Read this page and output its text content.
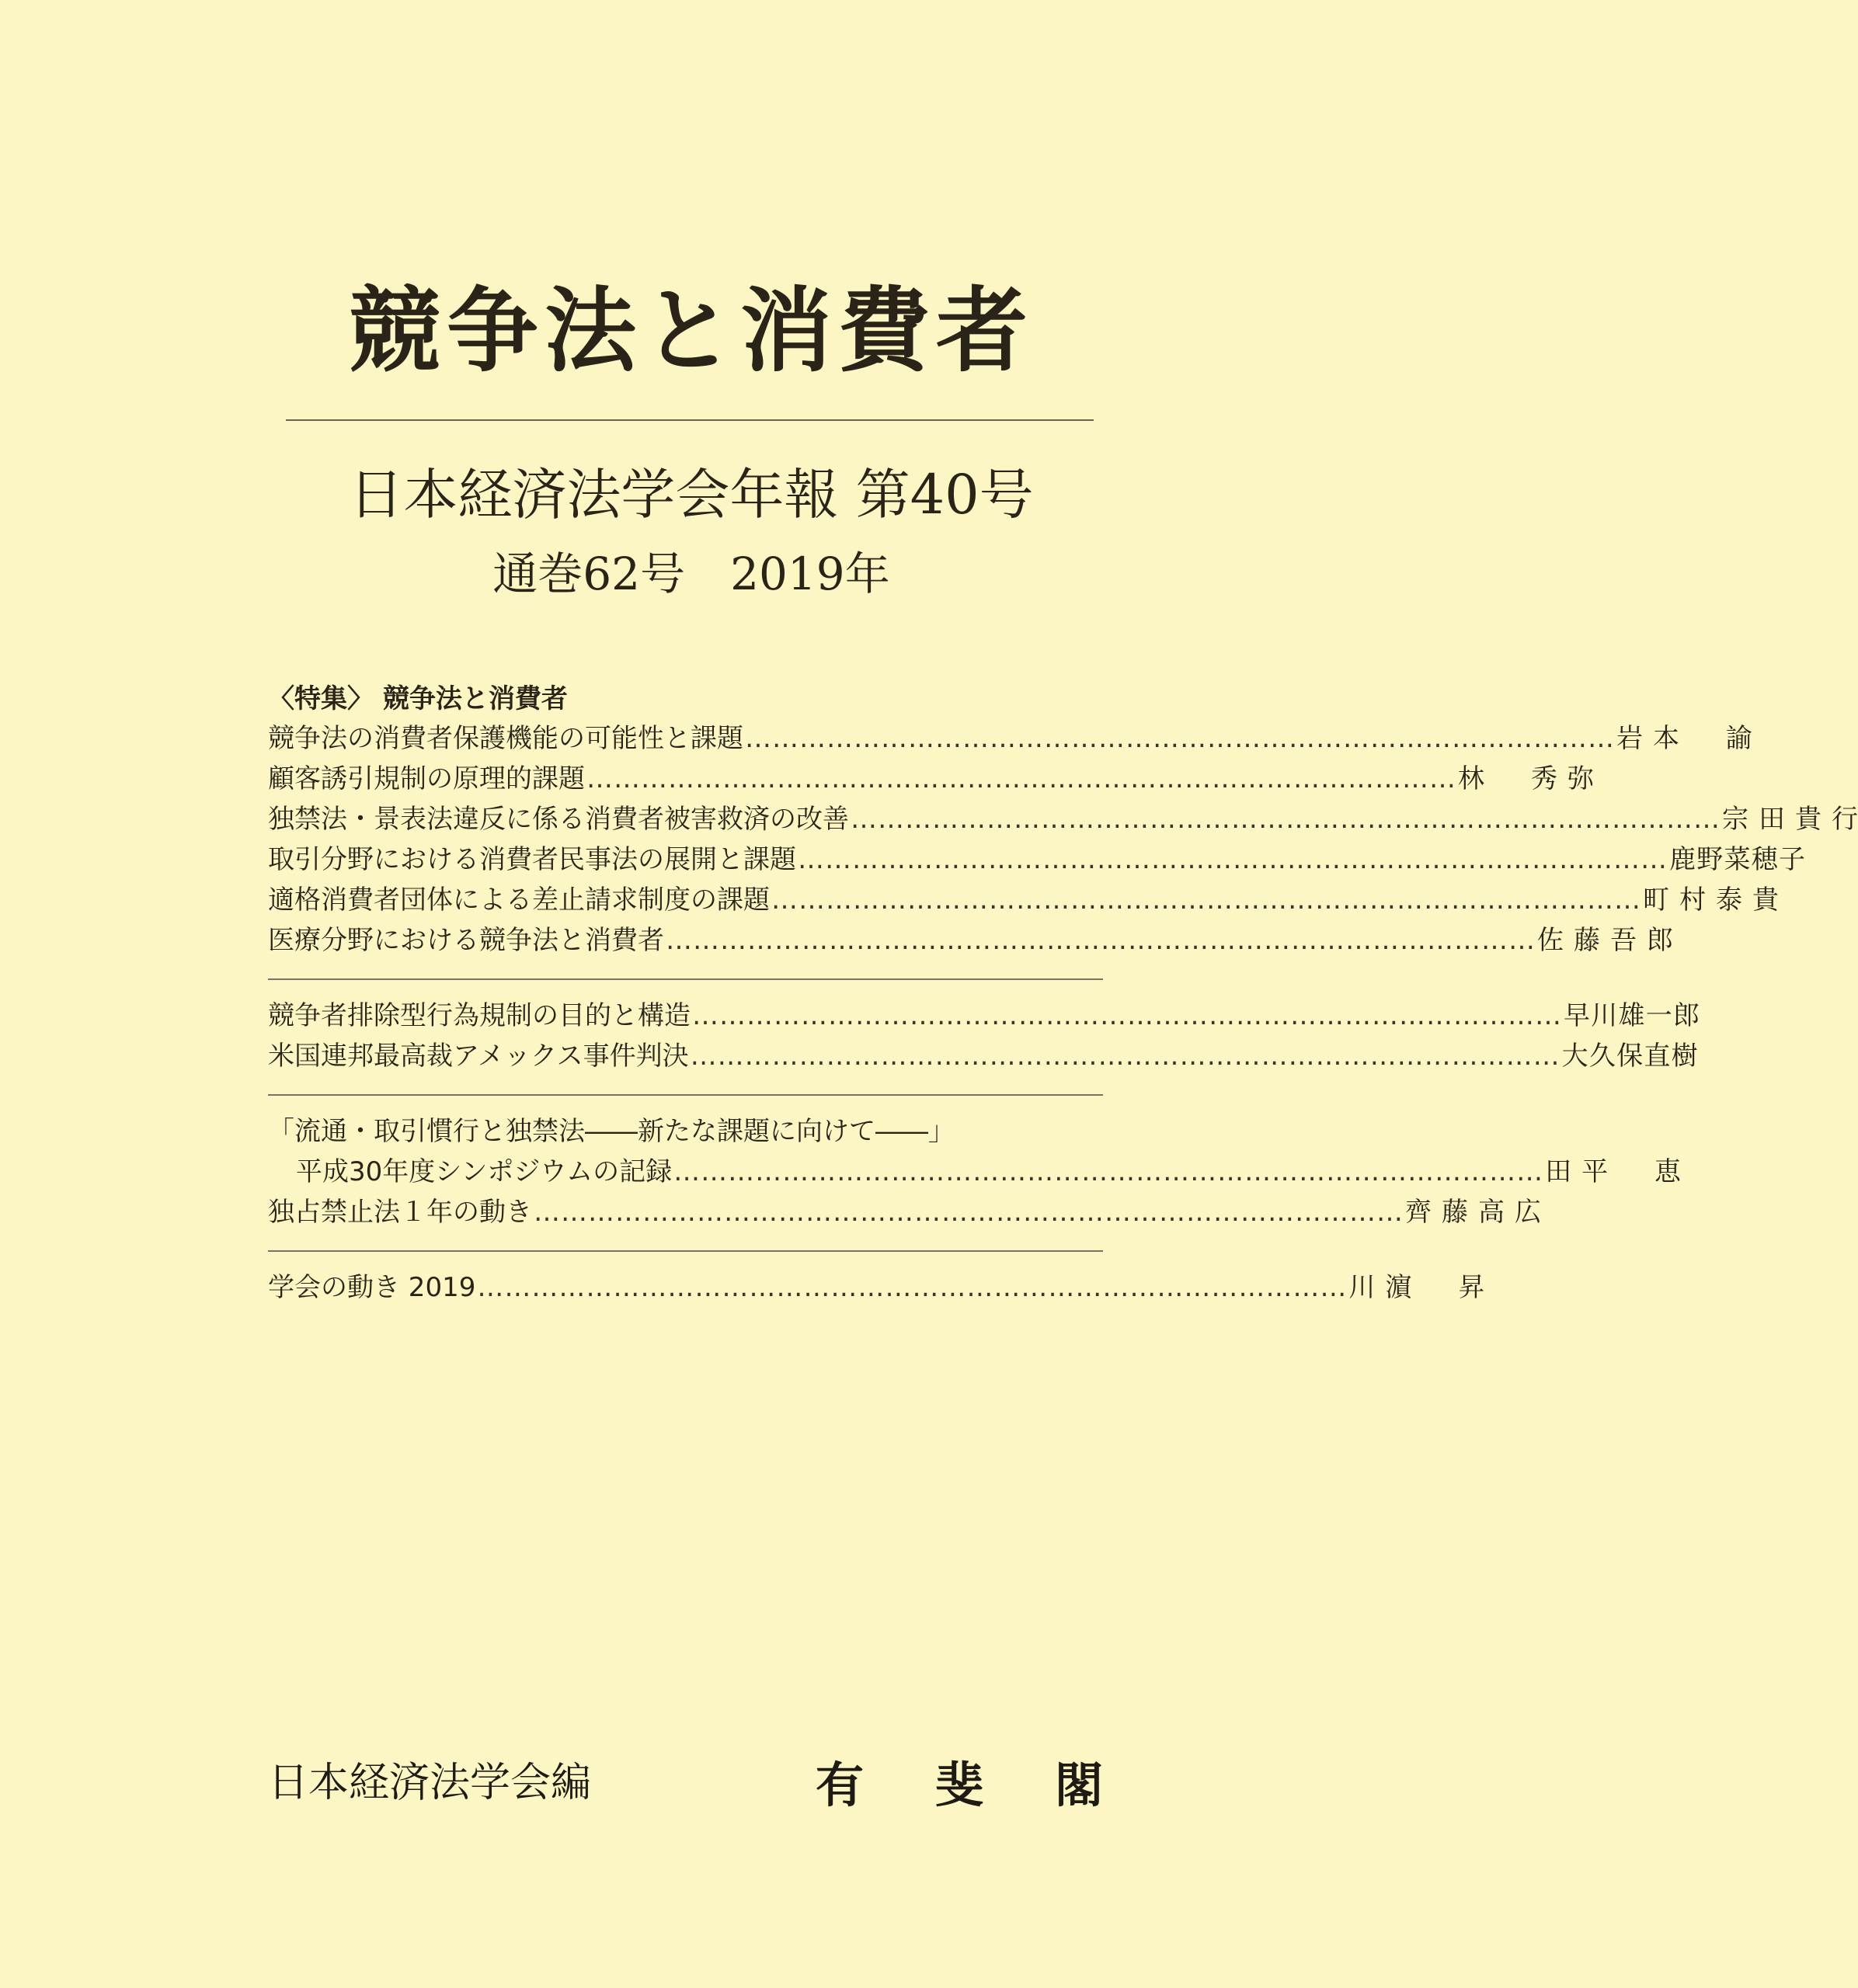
競争法と消費者
日本経済法学会年報 第40号
通巻62号　2019年
〈特集〉 競争法と消費者
競争法の消費者保護機能の可能性と課題 …………………………………………………………………………………… 岩本　諭
顧客誘引規制の原理的課題 …………………………………………………………………………………… 林　秀弥
独禁法・景表法違反に係る消費者被害救済の改善 …………………………………………………………………………………… 宗田貴行
取引分野における消費者民事法の展開と課題 …………………………………………………………………………………… 鹿野菜穂子
適格消費者団体による差止請求制度の課題 …………………………………………………………………………………… 町村泰貴
医療分野における競争法と消費者 …………………………………………………………………………………… 佐藤吾郎
競争者排除型行為規制の目的と構造 …………………………………………………………………………………… 早川雄一郎
米国連邦最高裁アメックス事件判決 …………………………………………………………………………………… 大久保直樹
「流通・取引慣行と独禁法――新たな課題に向けて――」
平成30年度シンポジウムの記録 …………………………………………………………………………………… 田平　恵
独占禁止法１年の動き …………………………………………………………………………………… 齊藤高広
学会の動き 2019 …………………………………………………………………………………… 川濵　昇
日本経済法学会編	有斐閣
